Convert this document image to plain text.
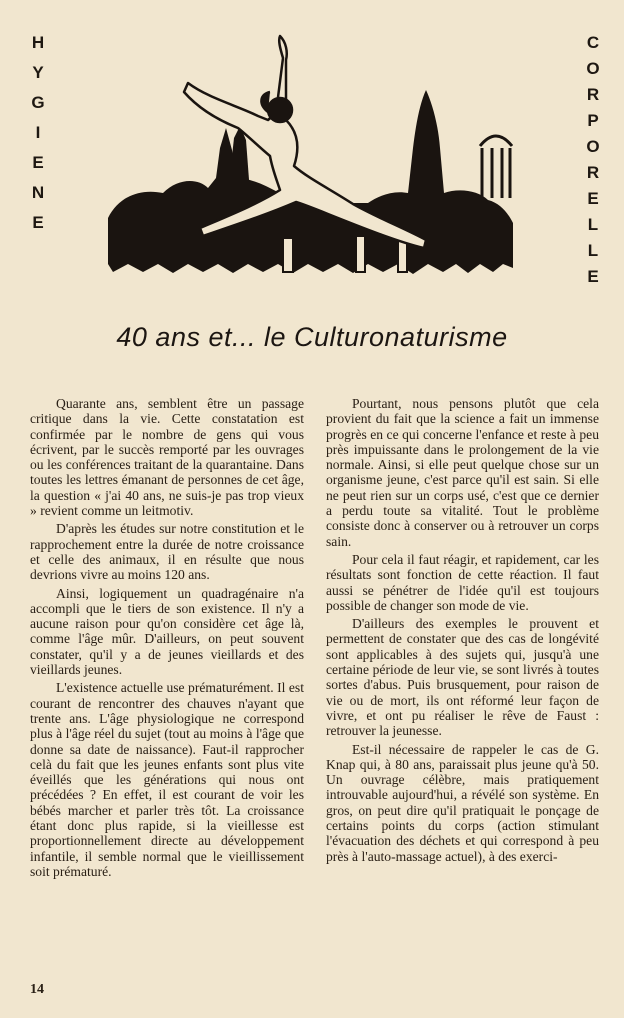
H
Y
G
I
E
N
E
C
O
R
P
O
R
E
L
L
E
40 ans et... le Culturonaturisme

Quarante ans, semblent être un passage critique dans la vie. Cette constatation est confirmée par le nombre de gens qui vous écrivent, par le succès remporté par les ouvrages ou les conférences traitant de la quarantaine. Dans toutes les lettres émanant de personnes de cet âge, la question « j'ai 40 ans, ne suis-je pas trop vieux » revient comme un leitmotiv.

D'après les études sur notre constitution et le rapprochement entre la durée de notre croissance et celle des animaux, il en résulte que nous devrions vivre au moins 120 ans.

Ainsi, logiquement un quadragénaire n'a accompli que le tiers de son existence. Il n'y a aucune raison pour qu'on considère cet âge là, comme l'âge mûr. D'ailleurs, on peut souvent constater, qu'il y a de jeunes vieillards et des vieillards jeunes.

L'existence actuelle use prématurément. Il est courant de rencontrer des chauves n'ayant que trente ans. L'âge physiologique ne correspond plus à l'âge réel du sujet (tout au moins à l'âge que donne sa date de naissance). Faut-il rapprocher celà du fait que les jeunes enfants sont plus vite éveillés que les générations qui nous ont précédées ? En effet, il est courant de voir les bébés marcher et parler très tôt. La croissance étant donc plus rapide, si la vieillesse est proportionnellement directe au développement infantile, il semble normal que le vieillissement soit prématuré.

Pourtant, nous pensons plutôt que cela provient du fait que la science a fait un immense progrès en ce qui concerne l'enfance et reste à peu près impuissante dans le prolongement de la vie normale. Ainsi, si elle peut quelque chose sur un organisme jeune, c'est parce qu'il est sain. Si elle ne peut rien sur un corps usé, c'est que ce dernier a perdu toute sa vitalité. Tout le problème consiste donc à conserver ou à retrouver un corps sain.

Pour cela il faut réagir, et rapidement, car les résultats sont fonction de cette réaction. Il faut aussi se pénétrer de l'idée qu'il est toujours possible de changer son mode de vie.

D'ailleurs des exemples le prouvent et permettent de constater que des cas de longévité sont applicables à des sujets qui, jusqu'à une certaine période de leur vie, se sont livrés à toutes sortes d'abus. Puis brusquement, pour raison de vie ou de mort, ils ont réformé leur façon de vivre, et ont pu réaliser le rêve de Faust : retrouver la jeunesse.

Est-il nécessaire de rappeler le cas de G. Knap qui, à 80 ans, paraissait plus jeune qu'à 50. Un ouvrage célèbre, mais pratiquement introuvable aujourd'hui, a révélé son système. En gros, on peut dire qu'il pratiquait le ponçage de certains points du corps (action stimulant l'évacuation des déchets et qui correspond à peu près à l'auto-massage actuel), à des exerci-

14
